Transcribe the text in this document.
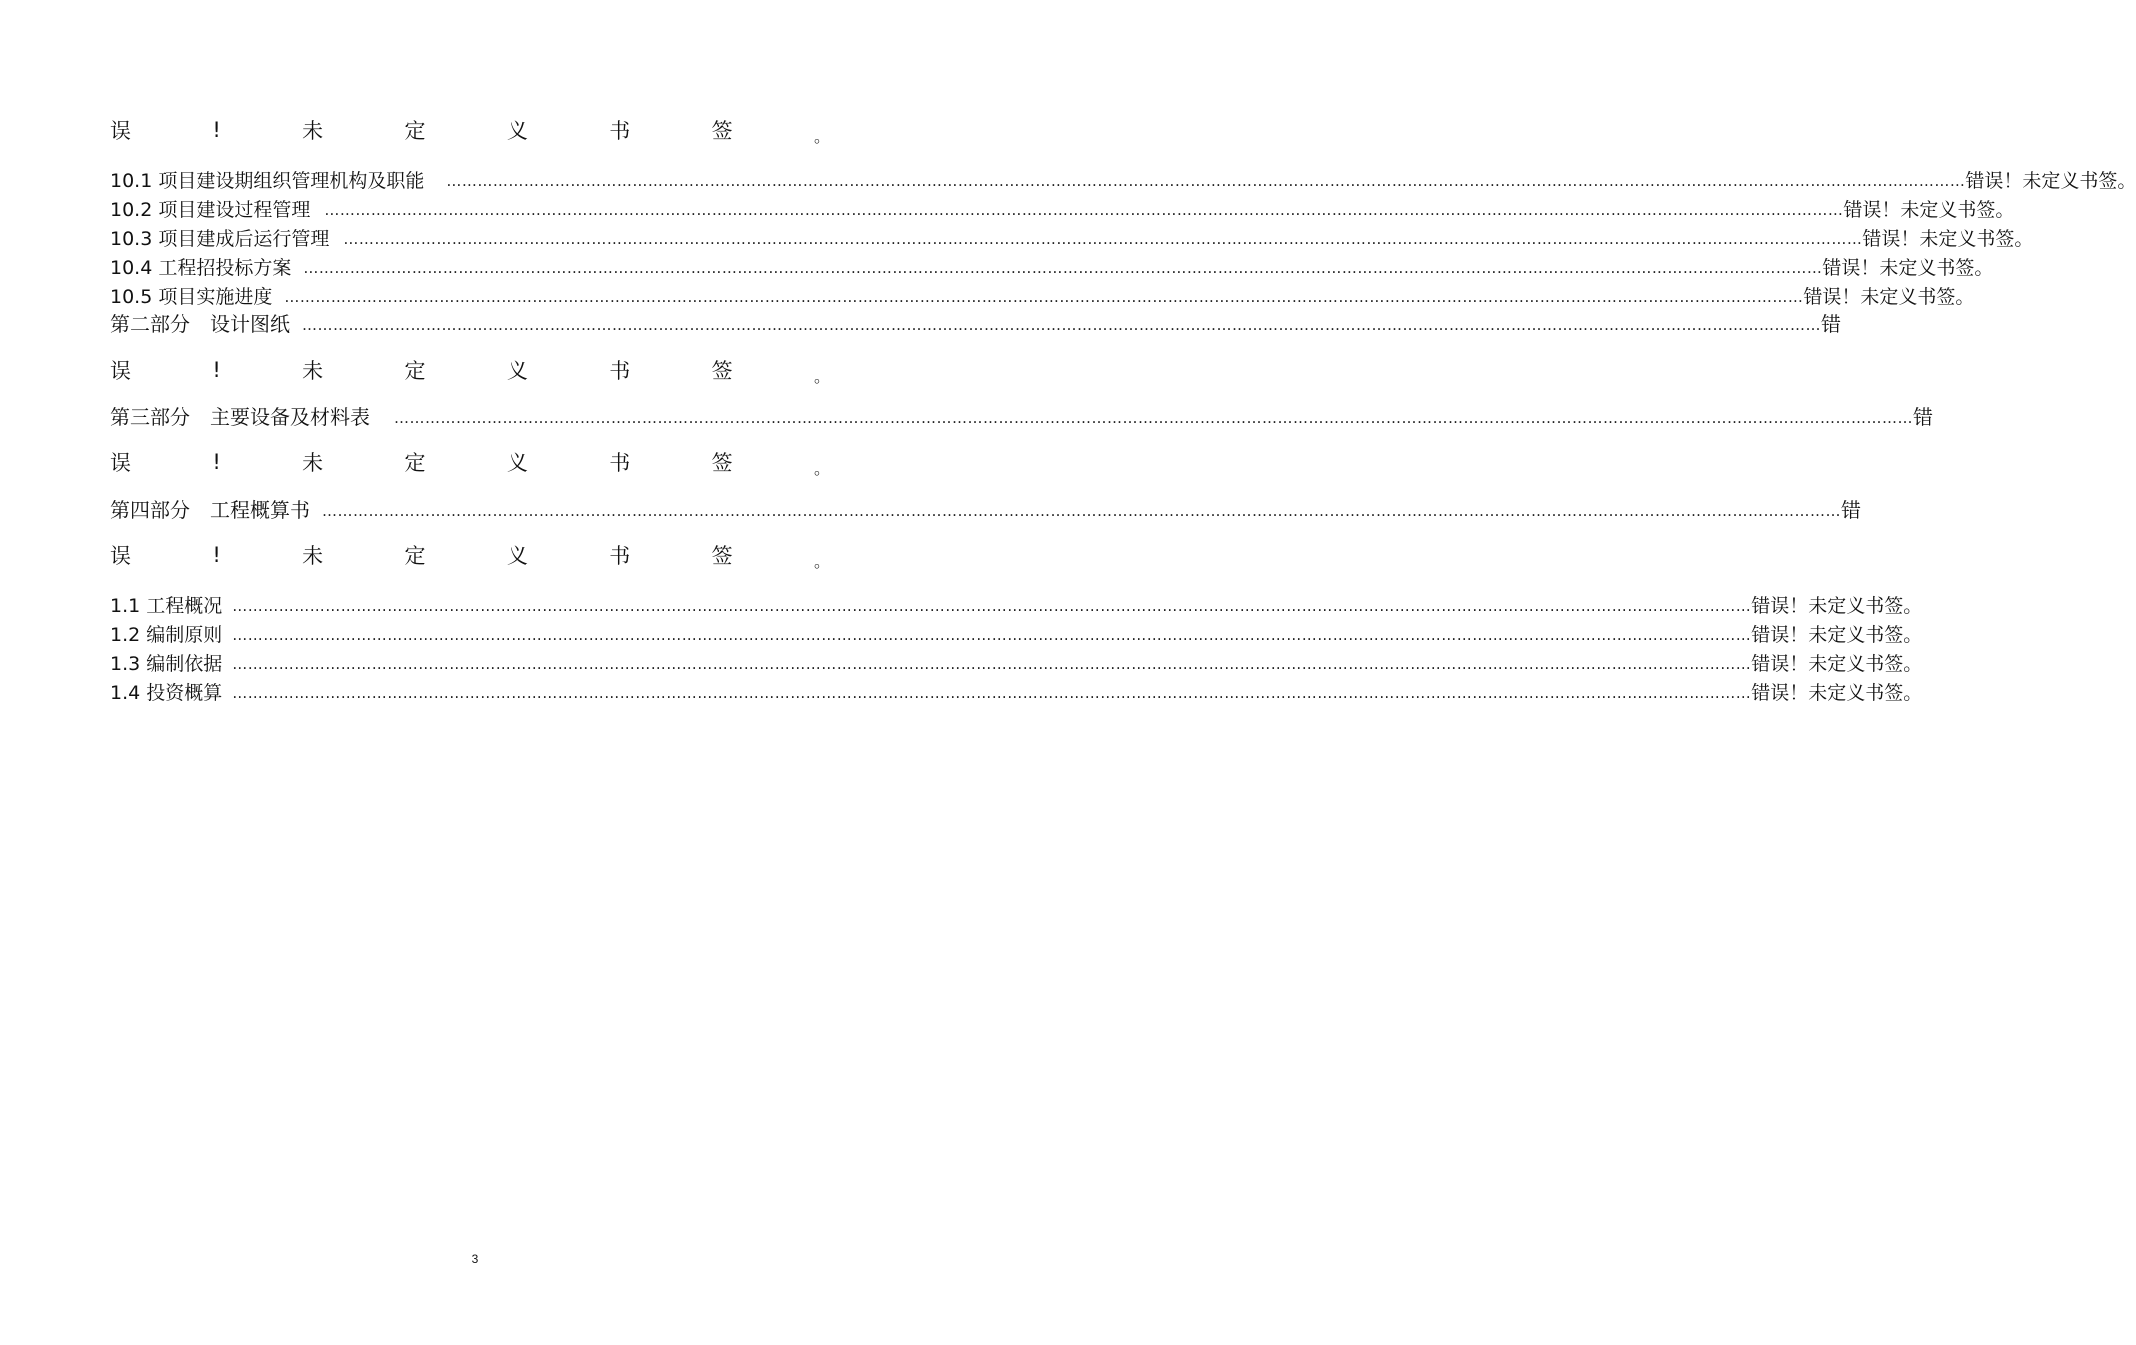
误	!	未	定	义	书	签	。
10.1 项目建设期组织管理机构及职能 …………………………………………………………………………………………………………………………………………………………………………………………………………………………………………………………………… 错误！未定义书签。
10.2 项目建设过程管理 …………………………………………………………………………………………………………………………………………………………………………………………………………………………………………………………………… 错误！未定义书签。
10.3 项目建成后运行管理 …………………………………………………………………………………………………………………………………………………………………………………………………………………………………………………………………… 错误！未定义书签。
10.4 工程招投标方案 …………………………………………………………………………………………………………………………………………………………………………………………………………………………………………………………………… 错误！未定义书签。
10.5 项目实施进度 …………………………………………………………………………………………………………………………………………………………………………………………………………………………………………………………………… 错误！未定义书签。
第二部分 设计图纸 …………………………………………………………………………………………………………………………………………………………………………………………………………………………………………………………………… 错
误	!	未	定	义	书	签	。
第三部分 主要设备及材料表 …………………………………………………………………………………………………………………………………………………………………………………………………………………………………………………………………… 错
误	!	未	定	义	书	签	。
第四部分 工程概算书 …………………………………………………………………………………………………………………………………………………………………………………………………………………………………………………………………… 错
误	!	未	定	义	书	签	。
1.1 工程概况 …………………………………………………………………………………………………………………………………………………………………………………………………………………………………………………………………… 错误！未定义书签。
1.2 编制原则 …………………………………………………………………………………………………………………………………………………………………………………………………………………………………………………………………… 错误！未定义书签。
1.3 编制依据 …………………………………………………………………………………………………………………………………………………………………………………………………………………………………………………………………… 错误！未定义书签。
1.4 投资概算 …………………………………………………………………………………………………………………………………………………………………………………………………………………………………………………………………… 错误！未定义书签。
3
